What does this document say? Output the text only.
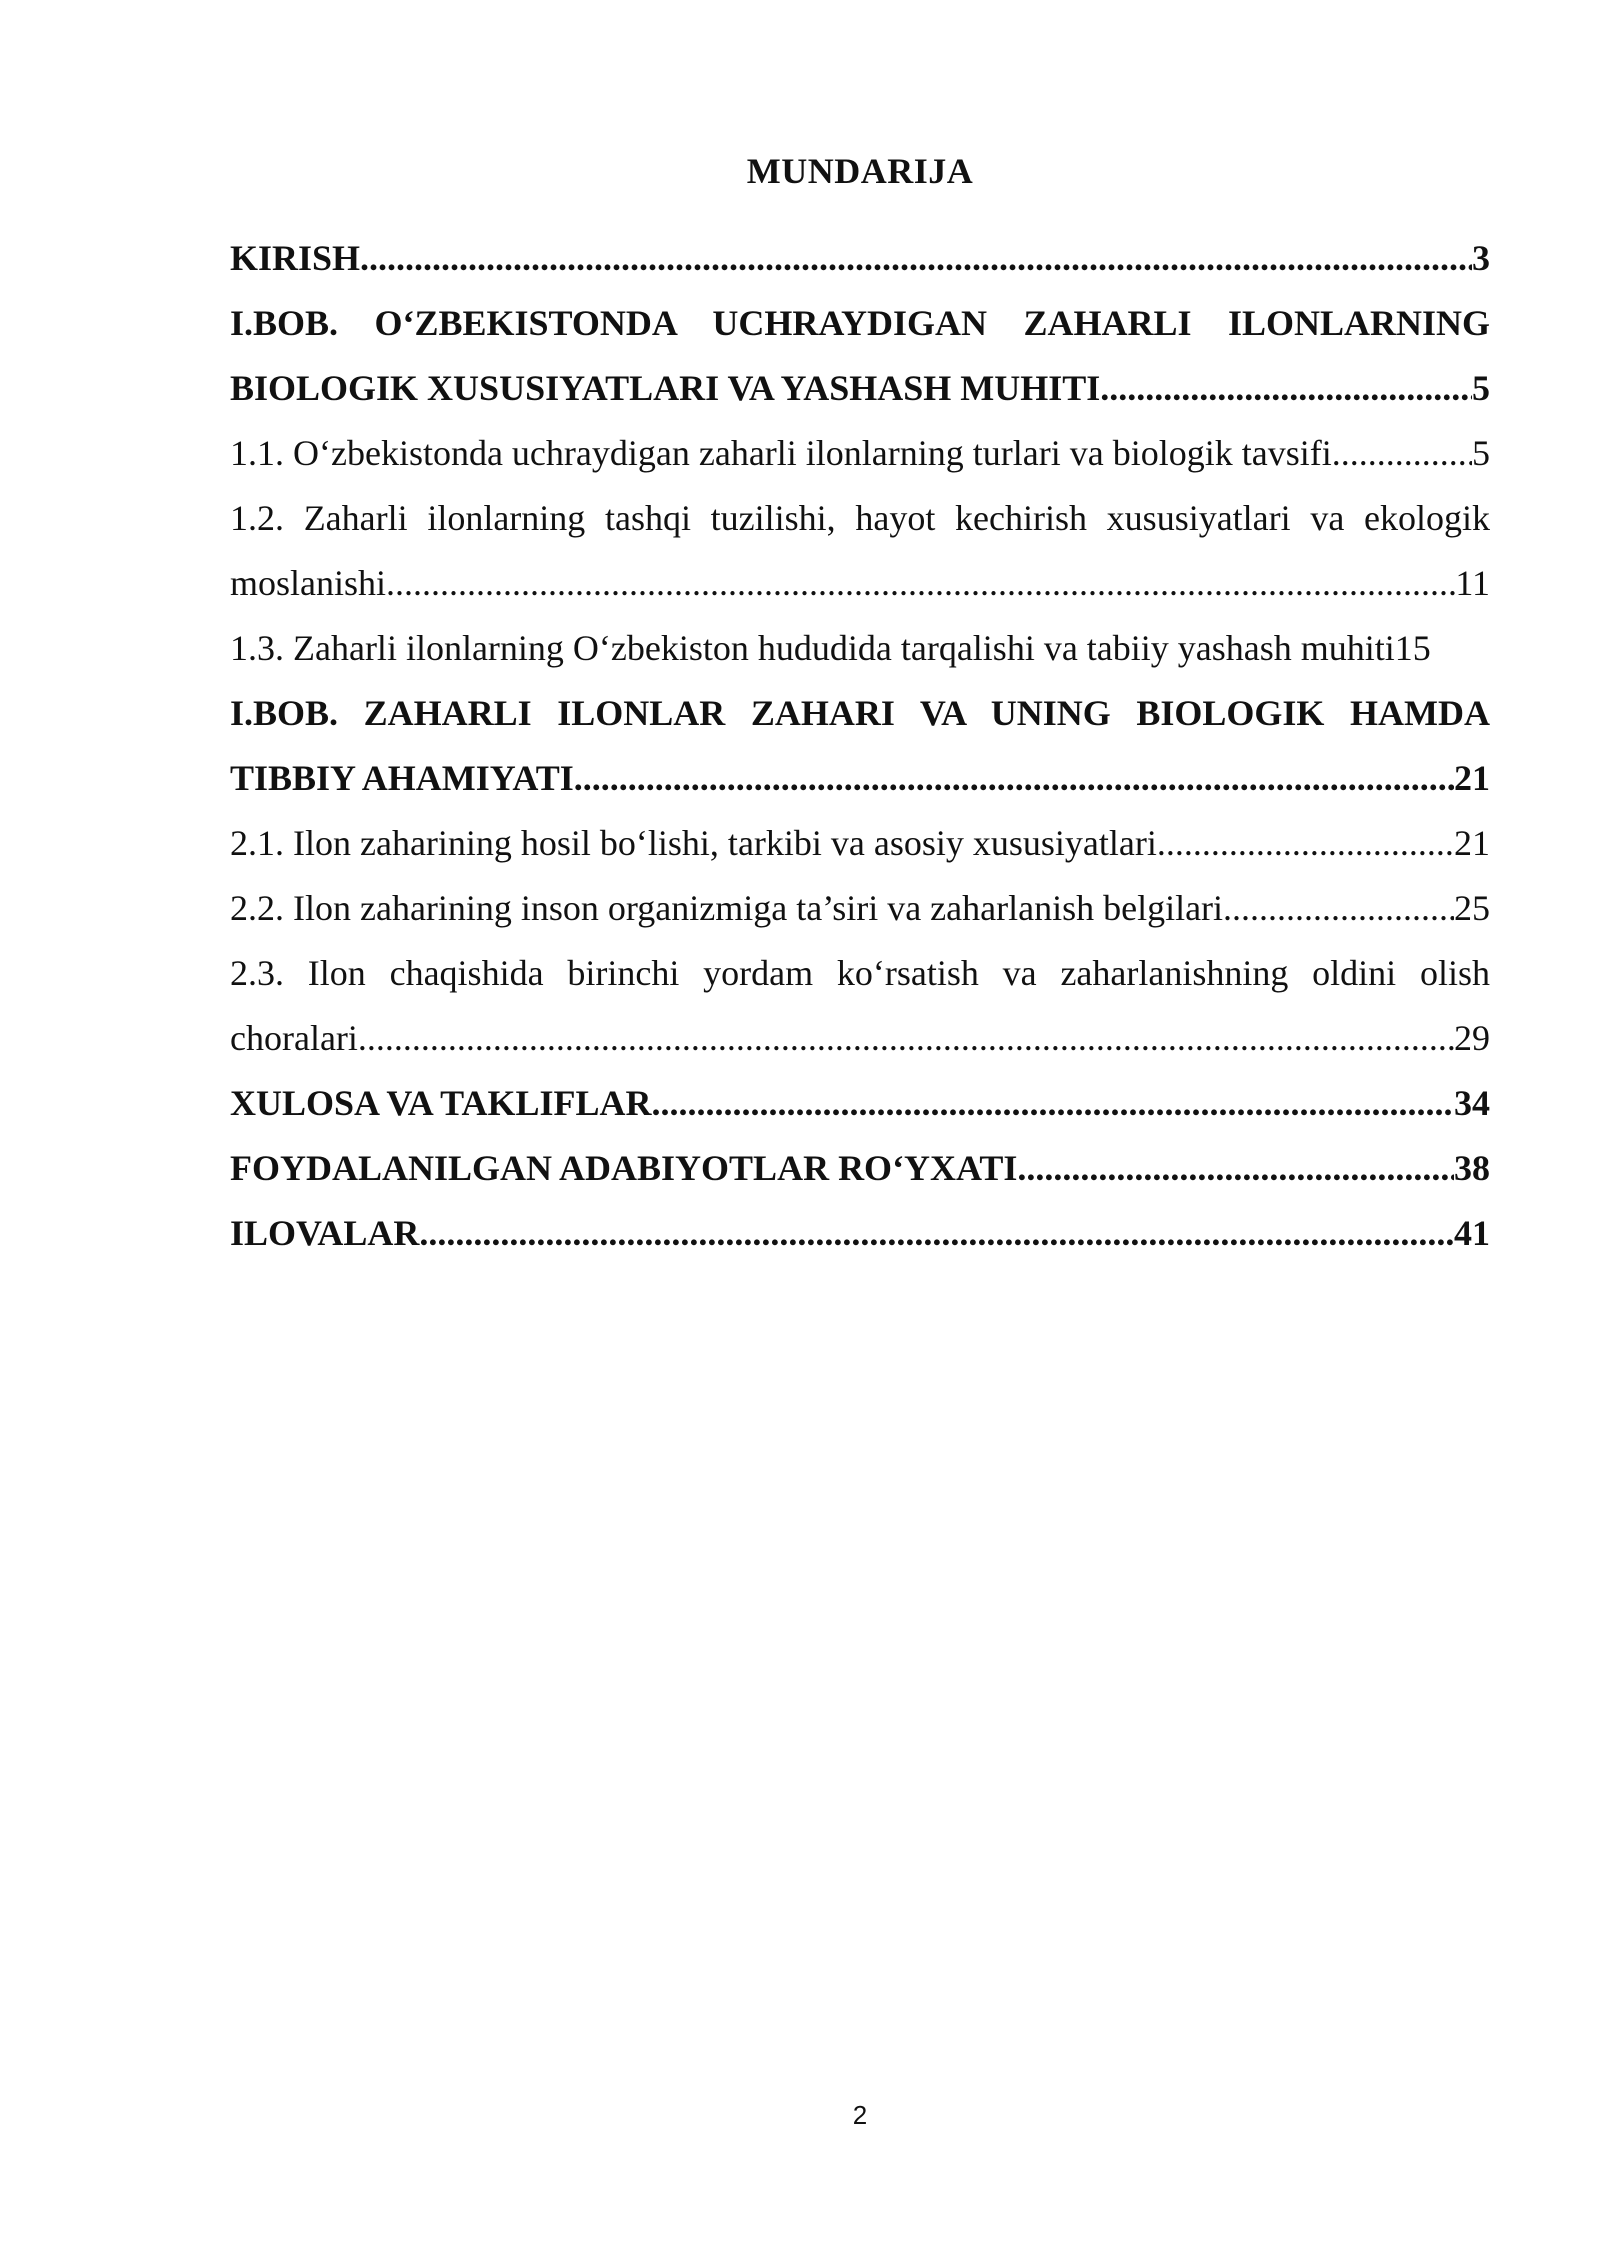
MUNDARIJA
KIRISH .....	3
I.BOB. O‘ZBEKISTONDA UCHRAYDIGAN ZAHARLI ILONLARNING
BIOLOGIK XUSUSIYATLARI VA YASHASH MUHITI .....	5
1.1. O‘zbekistonda uchraydigan zaharli ilonlarning turlari va biologik tavsifi .....	5
1.2. Zaharli ilonlarning tashqi tuzilishi, hayot kechirish xususiyatlari va ekologik
moslanishi .....	11
1.3. Zaharli ilonlarning O‘zbekiston hududida tarqalishi va tabiiy yashash muhiti 15
I.BOB. ZAHARLI ILONLAR ZAHARI VA UNING BIOLOGIK HAMDA
TIBBIY AHAMIYATI .....	21
2.1. Ilon zaharining hosil bo‘lishi, tarkibi va asosiy xususiyatlari .....	21
2.2. Ilon zaharining inson organizmiga ta’siri va zaharlanish belgilari .....	25
2.3. Ilon chaqishida birinchi yordam ko‘rsatish va zaharlanishning oldini olish
choralari .....	29
XULOSA VA TAKLIFLAR .....	34
FOYDALANILGAN ADABIYOTLAR RO‘YXATI .....	38
ILOVALAR .....	41
2
